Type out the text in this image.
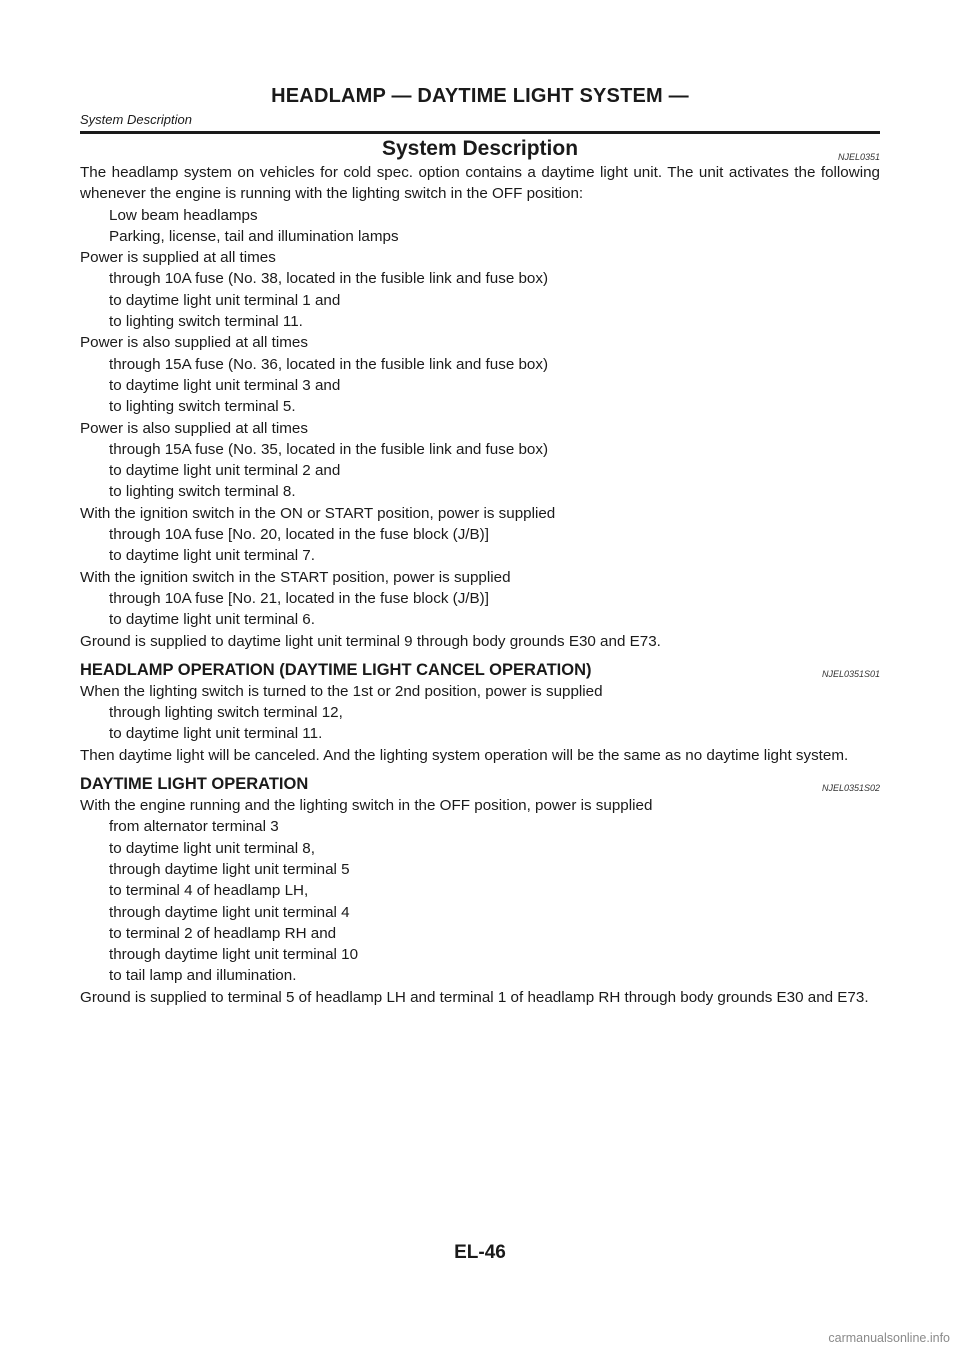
HEADLAMP — DAYTIME LIGHT SYSTEM —

System Description

System Description	NJEL0351

The headlamp system on vehicles for cold spec. option contains a daytime light unit. The unit activates the following whenever the engine is running with the lighting switch in the OFF position:

Low beam headlamps

Parking, license, tail and illumination lamps

Power is supplied at all times

through 10A fuse (No. 38, located in the fusible link and fuse box)

to daytime light unit terminal 1 and

to lighting switch terminal 11.

Power is also supplied at all times

through 15A fuse (No. 36, located in the fusible link and fuse box)

to daytime light unit terminal 3 and

to lighting switch terminal 5.

Power is also supplied at all times

through 15A fuse (No. 35, located in the fusible link and fuse box)

to daytime light unit terminal 2 and

to lighting switch terminal 8.

With the ignition switch in the ON or START position, power is supplied

through 10A fuse [No. 20, located in the fuse block (J/B)]

to daytime light unit terminal 7.

With the ignition switch in the START position, power is supplied

through 10A fuse [No. 21, located in the fuse block (J/B)]

to daytime light unit terminal 6.

Ground is supplied to daytime light unit terminal 9 through body grounds E30 and E73.

HEADLAMP OPERATION (DAYTIME LIGHT CANCEL OPERATION)	NJEL0351S01

When the lighting switch is turned to the 1st or 2nd position, power is supplied

through lighting switch terminal 12,

to daytime light unit terminal 11.

Then daytime light will be canceled. And the lighting system operation will be the same as no daytime light system.

DAYTIME LIGHT OPERATION	NJEL0351S02

With the engine running and the lighting switch in the OFF position, power is supplied

from alternator terminal 3

to daytime light unit terminal 8,

through daytime light unit terminal 5

to terminal 4 of headlamp LH,

through daytime light unit terminal 4

to terminal 2 of headlamp RH and

through daytime light unit terminal 10

to tail lamp and illumination.

Ground is supplied to terminal 5 of headlamp LH and terminal 1 of headlamp RH through body grounds E30 and E73.

EL-46
carmanualsonline.info
